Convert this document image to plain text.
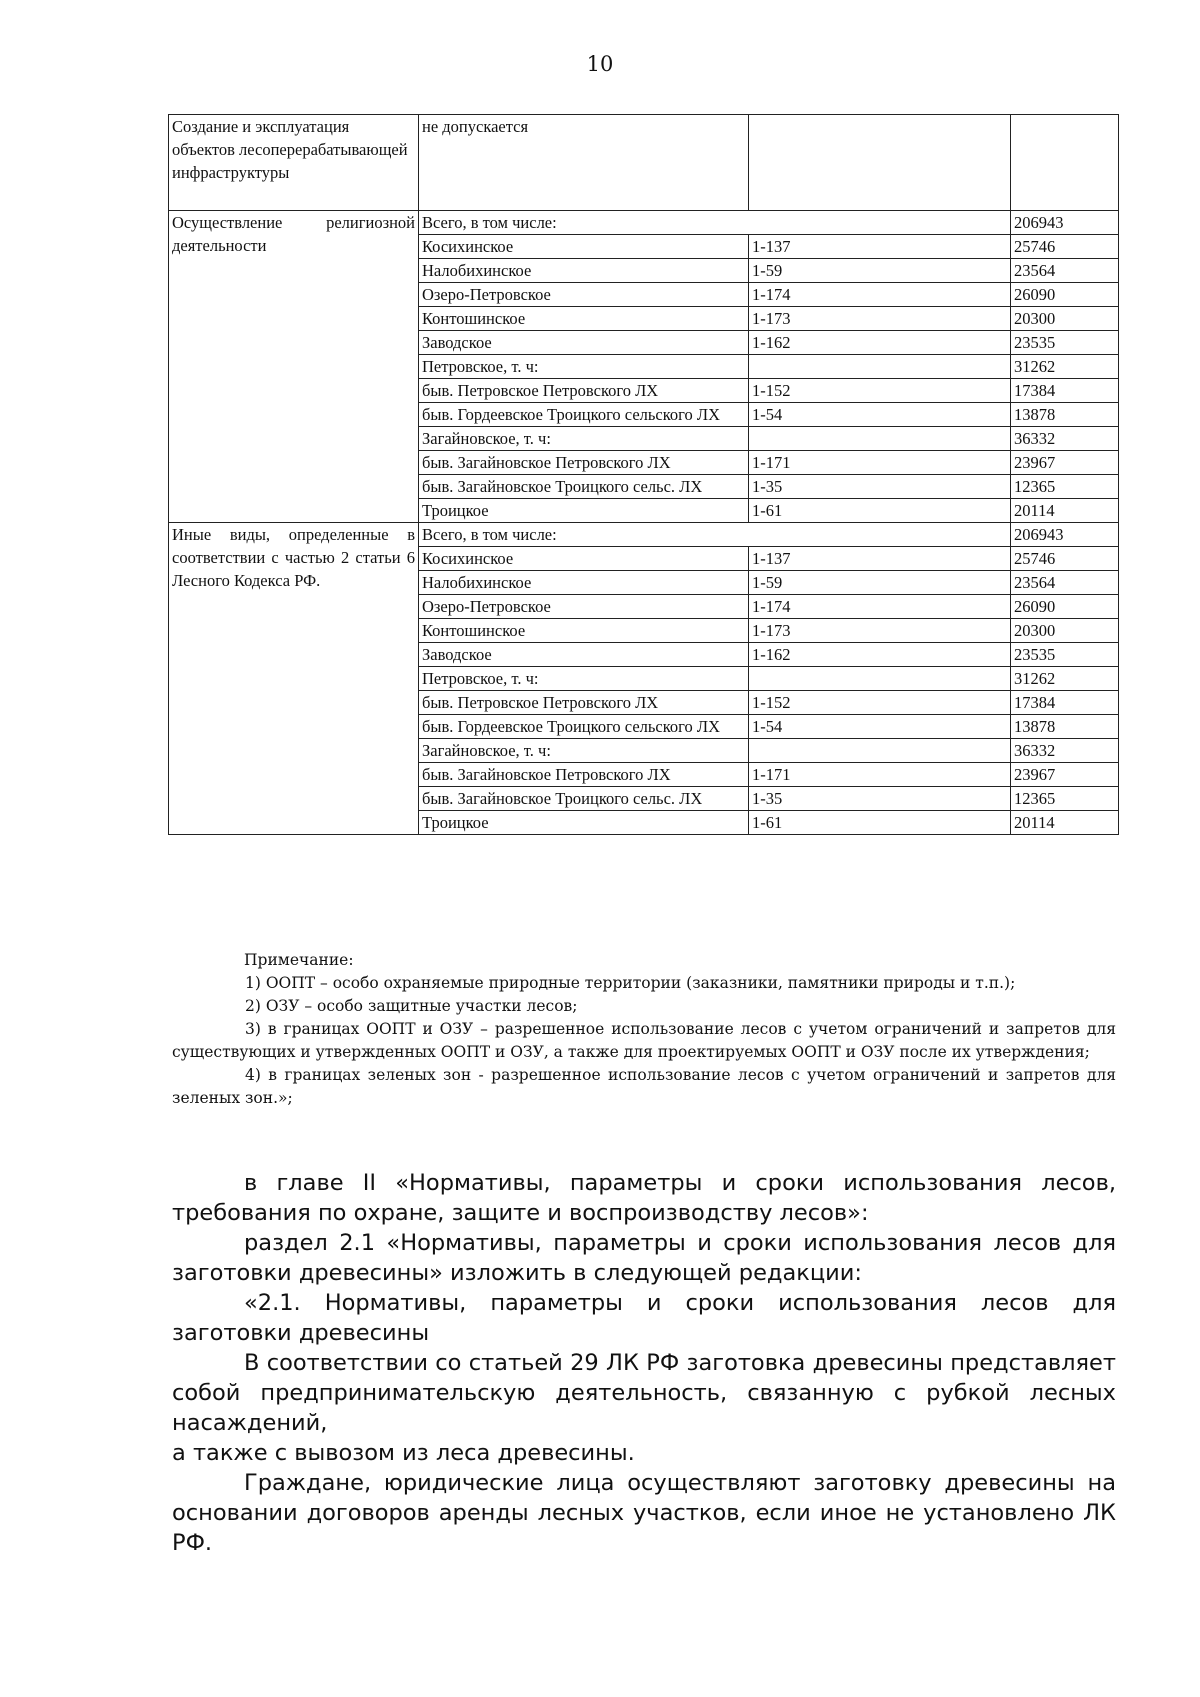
10
Создание и эксплуатация объектов лесоперерабатывающей инфраструктуры	не допускается		

Осуществление религиозной деятельности	Всего, в том числе:		206943
	Косихинское	1-137	25746
	Налобихинское	1-59	23564
	Озеро-Петровское	1-174	26090
	Контошинское	1-173	20300
	Заводское	1-162	23535
	Петровское, т. ч:		31262
	быв. Петровское Петровского ЛХ	1-152	17384
	быв. Гордеевское Троицкого сельского ЛХ	1-54	13878
	Загайновское, т. ч:		36332
	быв. Загайновское Петровского ЛХ	1-171	23967
	быв. Загайновское Троицкого сельс. ЛХ	1-35	12365
	Троицкое	1-61	20114

Иные виды, определенные в соответствии с частью 2 статьи 6 Лесного Кодекса РФ.	Всего, в том числе:		206943
	Косихинское	1-137	25746
	Налобихинское	1-59	23564
	Озеро-Петровское	1-174	26090
	Контошинское	1-173	20300
	Заводское	1-162	23535
	Петровское, т. ч:		31262
	быв. Петровское Петровского ЛХ	1-152	17384
	быв. Гордеевское Троицкого сельского ЛХ	1-54	13878
	Загайновское, т. ч:		36332
	быв. Загайновское Петровского ЛХ	1-171	23967
	быв. Загайновское Троицкого сельс. ЛХ	1-35	12365
	Троицкое	1-61	20114

Примечание:

1) ООПТ – особо охраняемые природные территории (заказники, памятники природы и т.п.);

2) ОЗУ – особо защитные участки лесов;

3) в границах ООПТ и ОЗУ – разрешенное использование лесов с учетом ограничений и запретов для существующих и утвержденных ООПТ и ОЗУ, а также для проектируемых ООПТ и ОЗУ после их утверждения;

4) в границах зеленых зон - разрешенное использование лесов с учетом ограничений и запретов для зеленых зон.»;

в главе II «Нормативы, параметры и сроки использования лесов, требования по охране, защите и воспроизводству лесов»:

раздел 2.1 «Нормативы, параметры и сроки использования лесов для заготовки древесины» изложить в следующей редакции:

«2.1. Нормативы, параметры и сроки использования лесов для заготовки древесины

В соответствии со статьей 29 ЛК РФ заготовка древесины представляет собой предпринимательскую деятельность, связанную с рубкой лесных насаждений,

а также с вывозом из леса древесины.

Граждане, юридические лица осуществляют заготовку древесины на основании договоров аренды лесных участков, если иное не установлено ЛК РФ.
